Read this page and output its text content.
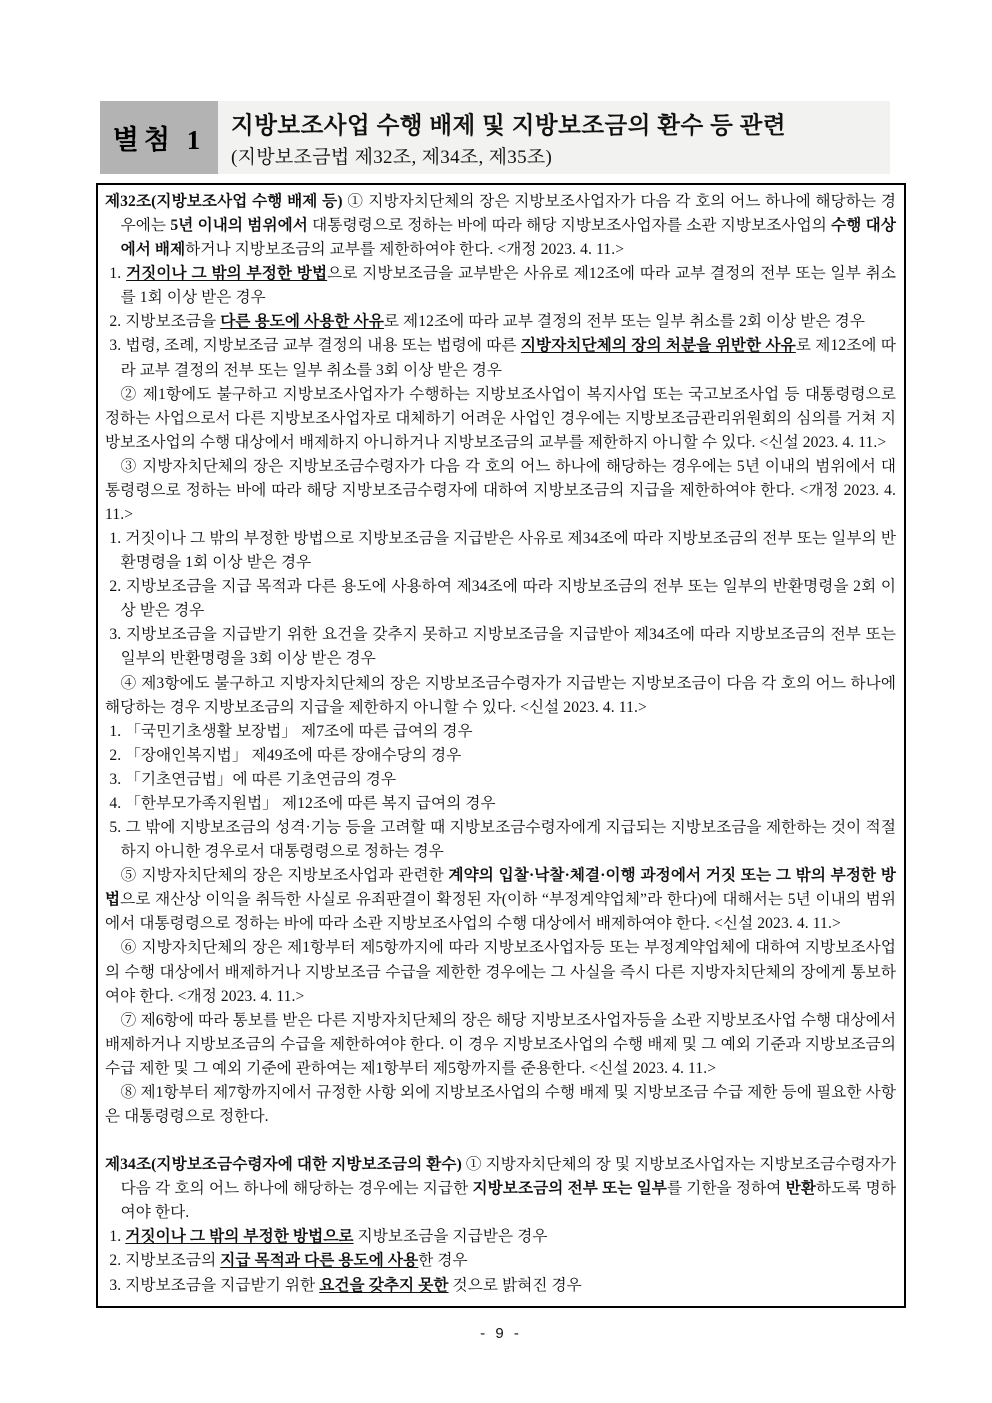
별첨 1	지방보조사업 수행 배제 및 지방보조금의 환수 등 관련
(지방보조금법 제32조, 제34조, 제35조)

제32조(지방보조사업 수행 배제 등) ① 지방자치단체의 장은 지방보조사업자가 다음 각 호의 어느 하나에 해당하는 경우에는 5년 이내의 범위에서 대통령령으로 정하는 바에 따라 해당 지방보조사업자를 소관 지방보조사업의 수행 대상에서 배제하거나 지방보조금의 교부를 제한하여야 한다. <개정 2023. 4. 11.>

1. 거짓이나 그 밖의 부정한 방법으로 지방보조금을 교부받은 사유로 제12조에 따라 교부 결정의 전부 또는 일부 취소를 1회 이상 받은 경우

2. 지방보조금을 다른 용도에 사용한 사유로 제12조에 따라 교부 결정의 전부 또는 일부 취소를 2회 이상 받은 경우

3. 법령, 조례, 지방보조금 교부 결정의 내용 또는 법령에 따른 지방자치단체의 장의 처분을 위반한 사유로 제12조에 따라 교부 결정의 전부 또는 일부 취소를 3회 이상 받은 경우

② 제1항에도 불구하고 지방보조사업자가 수행하는 지방보조사업이 복지사업 또는 국고보조사업 등 대통령령으로 정하는 사업으로서 다른 지방보조사업자로 대체하기 어려운 사업인 경우에는 지방보조금관리위원회의 심의를 거쳐 지방보조사업의 수행 대상에서 배제하지 아니하거나 지방보조금의 교부를 제한하지 아니할 수 있다. <신설 2023. 4. 11.>

③ 지방자치단체의 장은 지방보조금수령자가 다음 각 호의 어느 하나에 해당하는 경우에는 5년 이내의 범위에서 대통령령으로 정하는 바에 따라 해당 지방보조금수령자에 대하여 지방보조금의 지급을 제한하여야 한다. <개정 2023. 4. 11.>

1. 거짓이나 그 밖의 부정한 방법으로 지방보조금을 지급받은 사유로 제34조에 따라 지방보조금의 전부 또는 일부의 반환명령을 1회 이상 받은 경우

2. 지방보조금을 지급 목적과 다른 용도에 사용하여 제34조에 따라 지방보조금의 전부 또는 일부의 반환명령을 2회 이상 받은 경우

3. 지방보조금을 지급받기 위한 요건을 갖추지 못하고 지방보조금을 지급받아 제34조에 따라 지방보조금의 전부 또는 일부의 반환명령을 3회 이상 받은 경우

④ 제3항에도 불구하고 지방자치단체의 장은 지방보조금수령자가 지급받는 지방보조금이 다음 각 호의 어느 하나에 해당하는 경우 지방보조금의 지급을 제한하지 아니할 수 있다. <신설 2023. 4. 11.>

1. 「국민기초생활 보장법」 제7조에 따른 급여의 경우

2. 「장애인복지법」 제49조에 따른 장애수당의 경우

3. 「기초연금법」에 따른 기초연금의 경우

4. 「한부모가족지원법」 제12조에 따른 복지 급여의 경우

5. 그 밖에 지방보조금의 성격·기능 등을 고려할 때 지방보조금수령자에게 지급되는 지방보조금을 제한하는 것이 적절하지 아니한 경우로서 대통령령으로 정하는 경우

⑤ 지방자치단체의 장은 지방보조사업과 관련한 계약의 입찰·낙찰·체결·이행 과정에서 거짓 또는 그 밖의 부정한 방법으로 재산상 이익을 취득한 사실로 유죄판결이 확정된 자(이하 “부정계약업체”라 한다)에 대해서는 5년 이내의 범위에서 대통령령으로 정하는 바에 따라 소관 지방보조사업의 수행 대상에서 배제하여야 한다. <신설 2023. 4. 11.>

⑥ 지방자치단체의 장은 제1항부터 제5항까지에 따라 지방보조사업자등 또는 부정계약업체에 대하여 지방보조사업의 수행 대상에서 배제하거나 지방보조금 수급을 제한한 경우에는 그 사실을 즉시 다른 지방자치단체의 장에게 통보하여야 한다. <개정 2023. 4. 11.>

⑦ 제6항에 따라 통보를 받은 다른 지방자치단체의 장은 해당 지방보조사업자등을 소관 지방보조사업 수행 대상에서 배제하거나 지방보조금의 수급을 제한하여야 한다. 이 경우 지방보조사업의 수행 배제 및 그 예외 기준과 지방보조금의 수급 제한 및 그 예외 기준에 관하여는 제1항부터 제5항까지를 준용한다. <신설 2023. 4. 11.>

⑧ 제1항부터 제7항까지에서 규정한 사항 외에 지방보조사업의 수행 배제 및 지방보조금 수급 제한 등에 필요한 사항은 대통령령으로 정한다.

제34조(지방보조금수령자에 대한 지방보조금의 환수) ① 지방자치단체의 장 및 지방보조사업자는 지방보조금수령자가 다음 각 호의 어느 하나에 해당하는 경우에는 지급한 지방보조금의 전부 또는 일부를 기한을 정하여 반환하도록 명하여야 한다.

1. 거짓이나 그 밖의 부정한 방법으로 지방보조금을 지급받은 경우

2. 지방보조금의 지급 목적과 다른 용도에 사용한 경우

3. 지방보조금을 지급받기 위한 요건을 갖추지 못한 것으로 밝혀진 경우

- 9 -
